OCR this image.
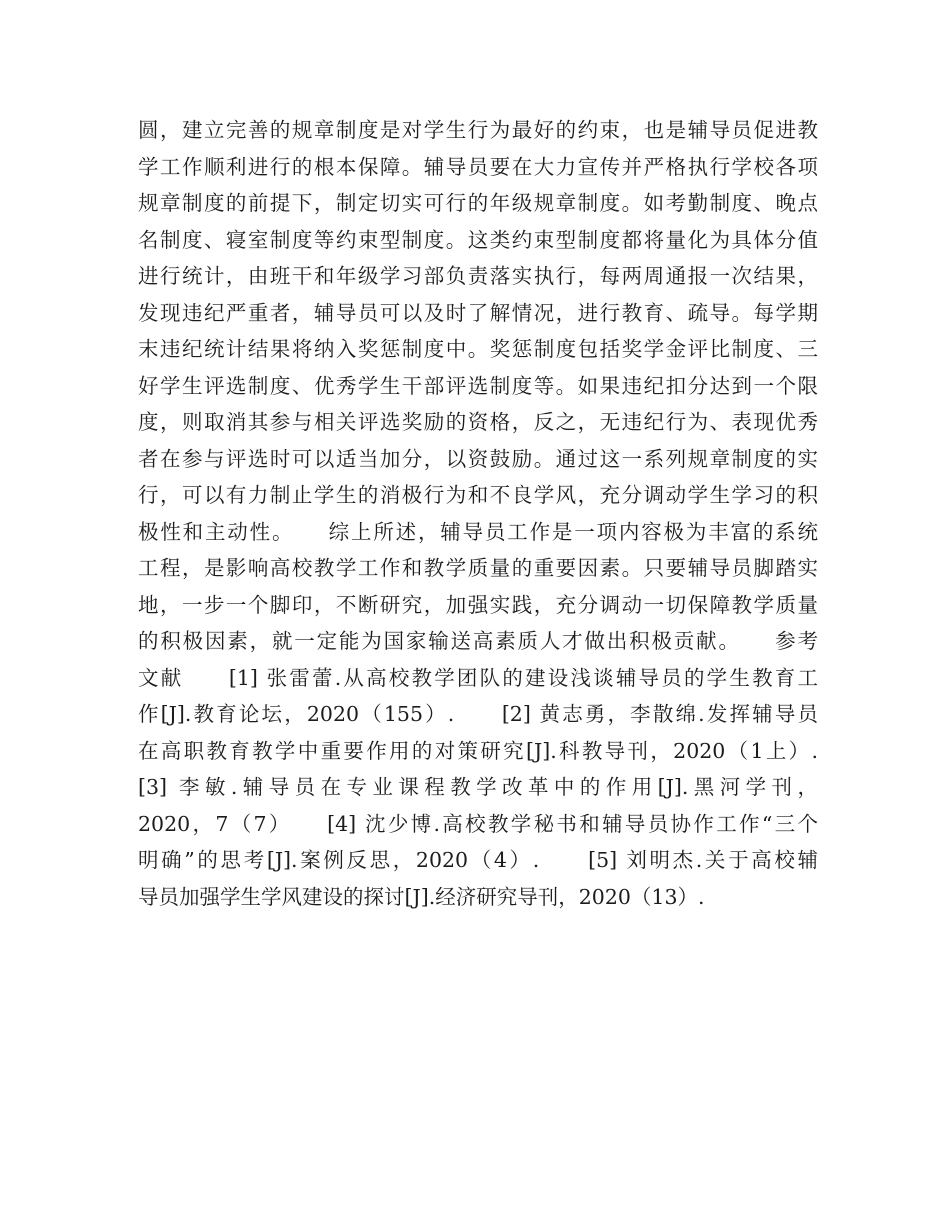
圆，建立完善的规章制度是对学生行为最好的约束，也是辅导员促进教
学工作顺利进行的根本保障。辅导员要在大力宣传并严格执行学校各项
规章制度的前提下，制定切实可行的年级规章制度。如考勤制度、晚点
名制度、寝室制度等约束型制度。这类约束型制度都将量化为具体分值
进行统计，由班干和年级学习部负责落实执行，每两周通报一次结果，
发现违纪严重者，辅导员可以及时了解情况，进行教育、疏导。每学期
末违纪统计结果将纳入奖惩制度中。奖惩制度包括奖学金评比制度、三
好学生评选制度、优秀学生干部评选制度等。如果违纪扣分达到一个限
度，则取消其参与相关评选奖励的资格，反之，无违纪行为、表现优秀
者在参与评选时可以适当加分，以资鼓励。通过这一系列规章制度的实
行，可以有力制止学生的消极行为和不良学风，充分调动学生学习的积
极性和主动性。　　综上所述，辅导员工作是一项内容极为丰富的系统
工程，是影响高校教学工作和教学质量的重要因素。只要辅导员脚踏实
地，一步一个脚印，不断研究，加强实践，充分调动一切保障教学质量
的积极因素，就一定能为国家输送高素质人才做出积极贡献。　　参考
文献　　[1] 张雷蕾.从高校教学团队的建设浅谈辅导员的学生教育工
作[J].教育论坛，2020（155）.　　[2] 黄志勇，李散绵.发挥辅导员
在高职教育教学中重要作用的对策研究[J].科教导刊，2020（1上）.
[3] 李敏.辅导员在专业课程教学改革中的作用[J].黑河学刊，
2020，7（7）　　[4] 沈少博.高校教学秘书和辅导员协作工作“三个
明确”的思考[J].案例反思，2020（4）.　　[5] 刘明杰.关于高校辅
导员加强学生学风建设的探讨[J].经济研究导刊，2020（13）.
